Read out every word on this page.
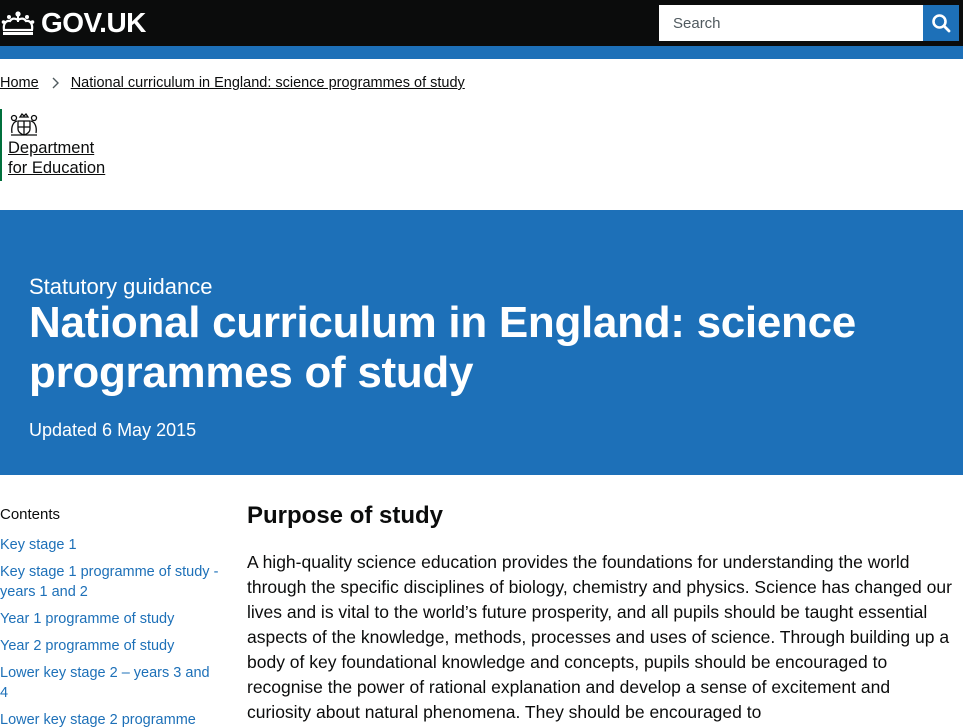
GOV.UK
Search
Home National curriculum in England: science programmes of study
Department
for Education
Statutory guidance
National curriculum in England: science
programmes of study
Updated 6 May 2015
Contents
Key stage 1
Key stage 1 programme of study - years 1 and 2
Year 1 programme of study
Year 2 programme of study
Lower key stage 2 – years 3 and 4
Lower key stage 2 programme
Purpose of study

A high-quality science education provides the foundations for understanding the world through the specific disciplines of biology, chemistry and physics. Science has changed our lives and is vital to the world’s future prosperity, and all pupils should be taught essential aspects of the knowledge, methods, processes and uses of science. Through building up a body of key foundational knowledge and concepts, pupils should be encouraged to recognise the power of rational explanation and develop a sense of excitement and curiosity about natural phenomena. They should be encouraged to
